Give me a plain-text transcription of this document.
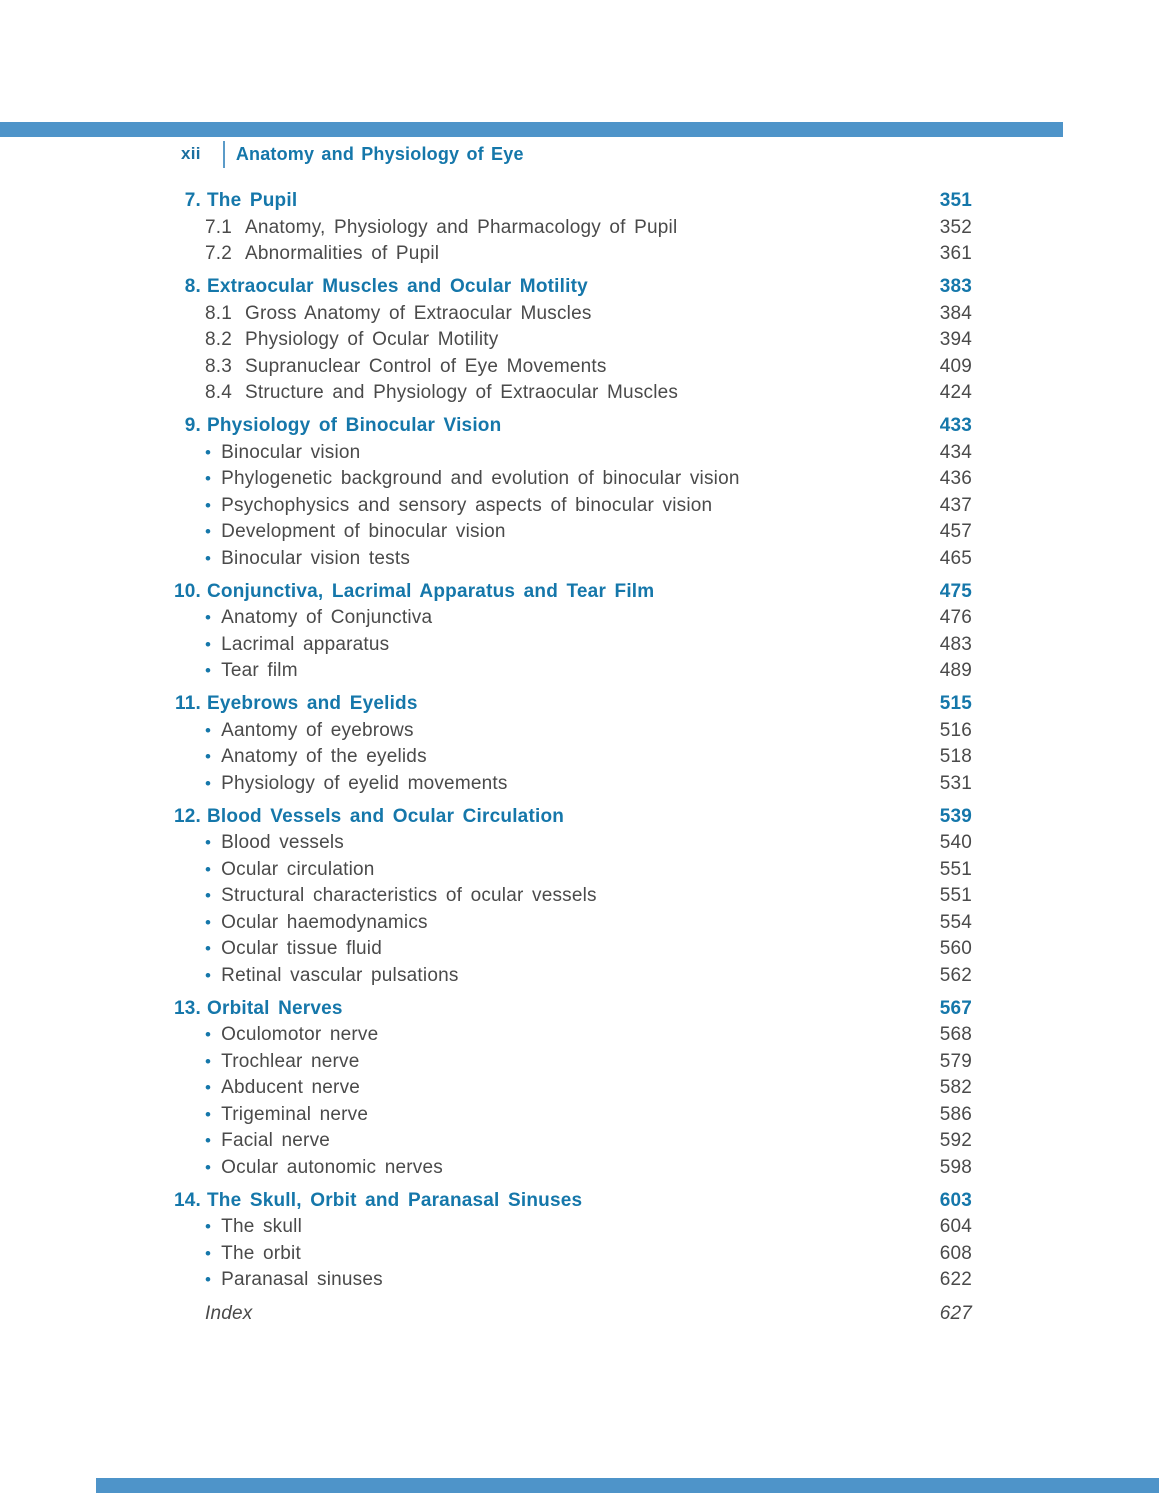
xii Anatomy and Physiology of Eye
7. The Pupil	351
7.1 Anatomy, Physiology and Pharmacology of Pupil	352
7.2 Abnormalities of Pupil	361
8. Extraocular Muscles and Ocular Motility	383
8.1 Gross Anatomy of Extraocular Muscles	384
8.2 Physiology of Ocular Motility	394
8.3 Supranuclear Control of Eye Movements	409
8.4 Structure and Physiology of Extraocular Muscles	424
9. Physiology of Binocular Vision	433
• Binocular vision	434
• Phylogenetic background and evolution of binocular vision	436
• Psychophysics and sensory aspects of binocular vision	437
• Development of binocular vision	457
• Binocular vision tests	465
10. Conjunctiva, Lacrimal Apparatus and Tear Film	475
• Anatomy of Conjunctiva	476
• Lacrimal apparatus	483
• Tear film	489
11. Eyebrows and Eyelids	515
• Aantomy of eyebrows	516
• Anatomy of the eyelids	518
• Physiology of eyelid movements	531
12. Blood Vessels and Ocular Circulation	539
• Blood vessels	540
• Ocular circulation	551
• Structural characteristics of ocular vessels	551
• Ocular haemodynamics	554
• Ocular tissue fluid	560
• Retinal vascular pulsations	562
13. Orbital Nerves	567
• Oculomotor nerve	568
• Trochlear nerve	579
• Abducent nerve	582
• Trigeminal nerve	586
• Facial nerve	592
• Ocular autonomic nerves	598
14. The Skull, Orbit and Paranasal Sinuses	603
• The skull	604
• The orbit	608
• Paranasal sinuses	622
Index	627
